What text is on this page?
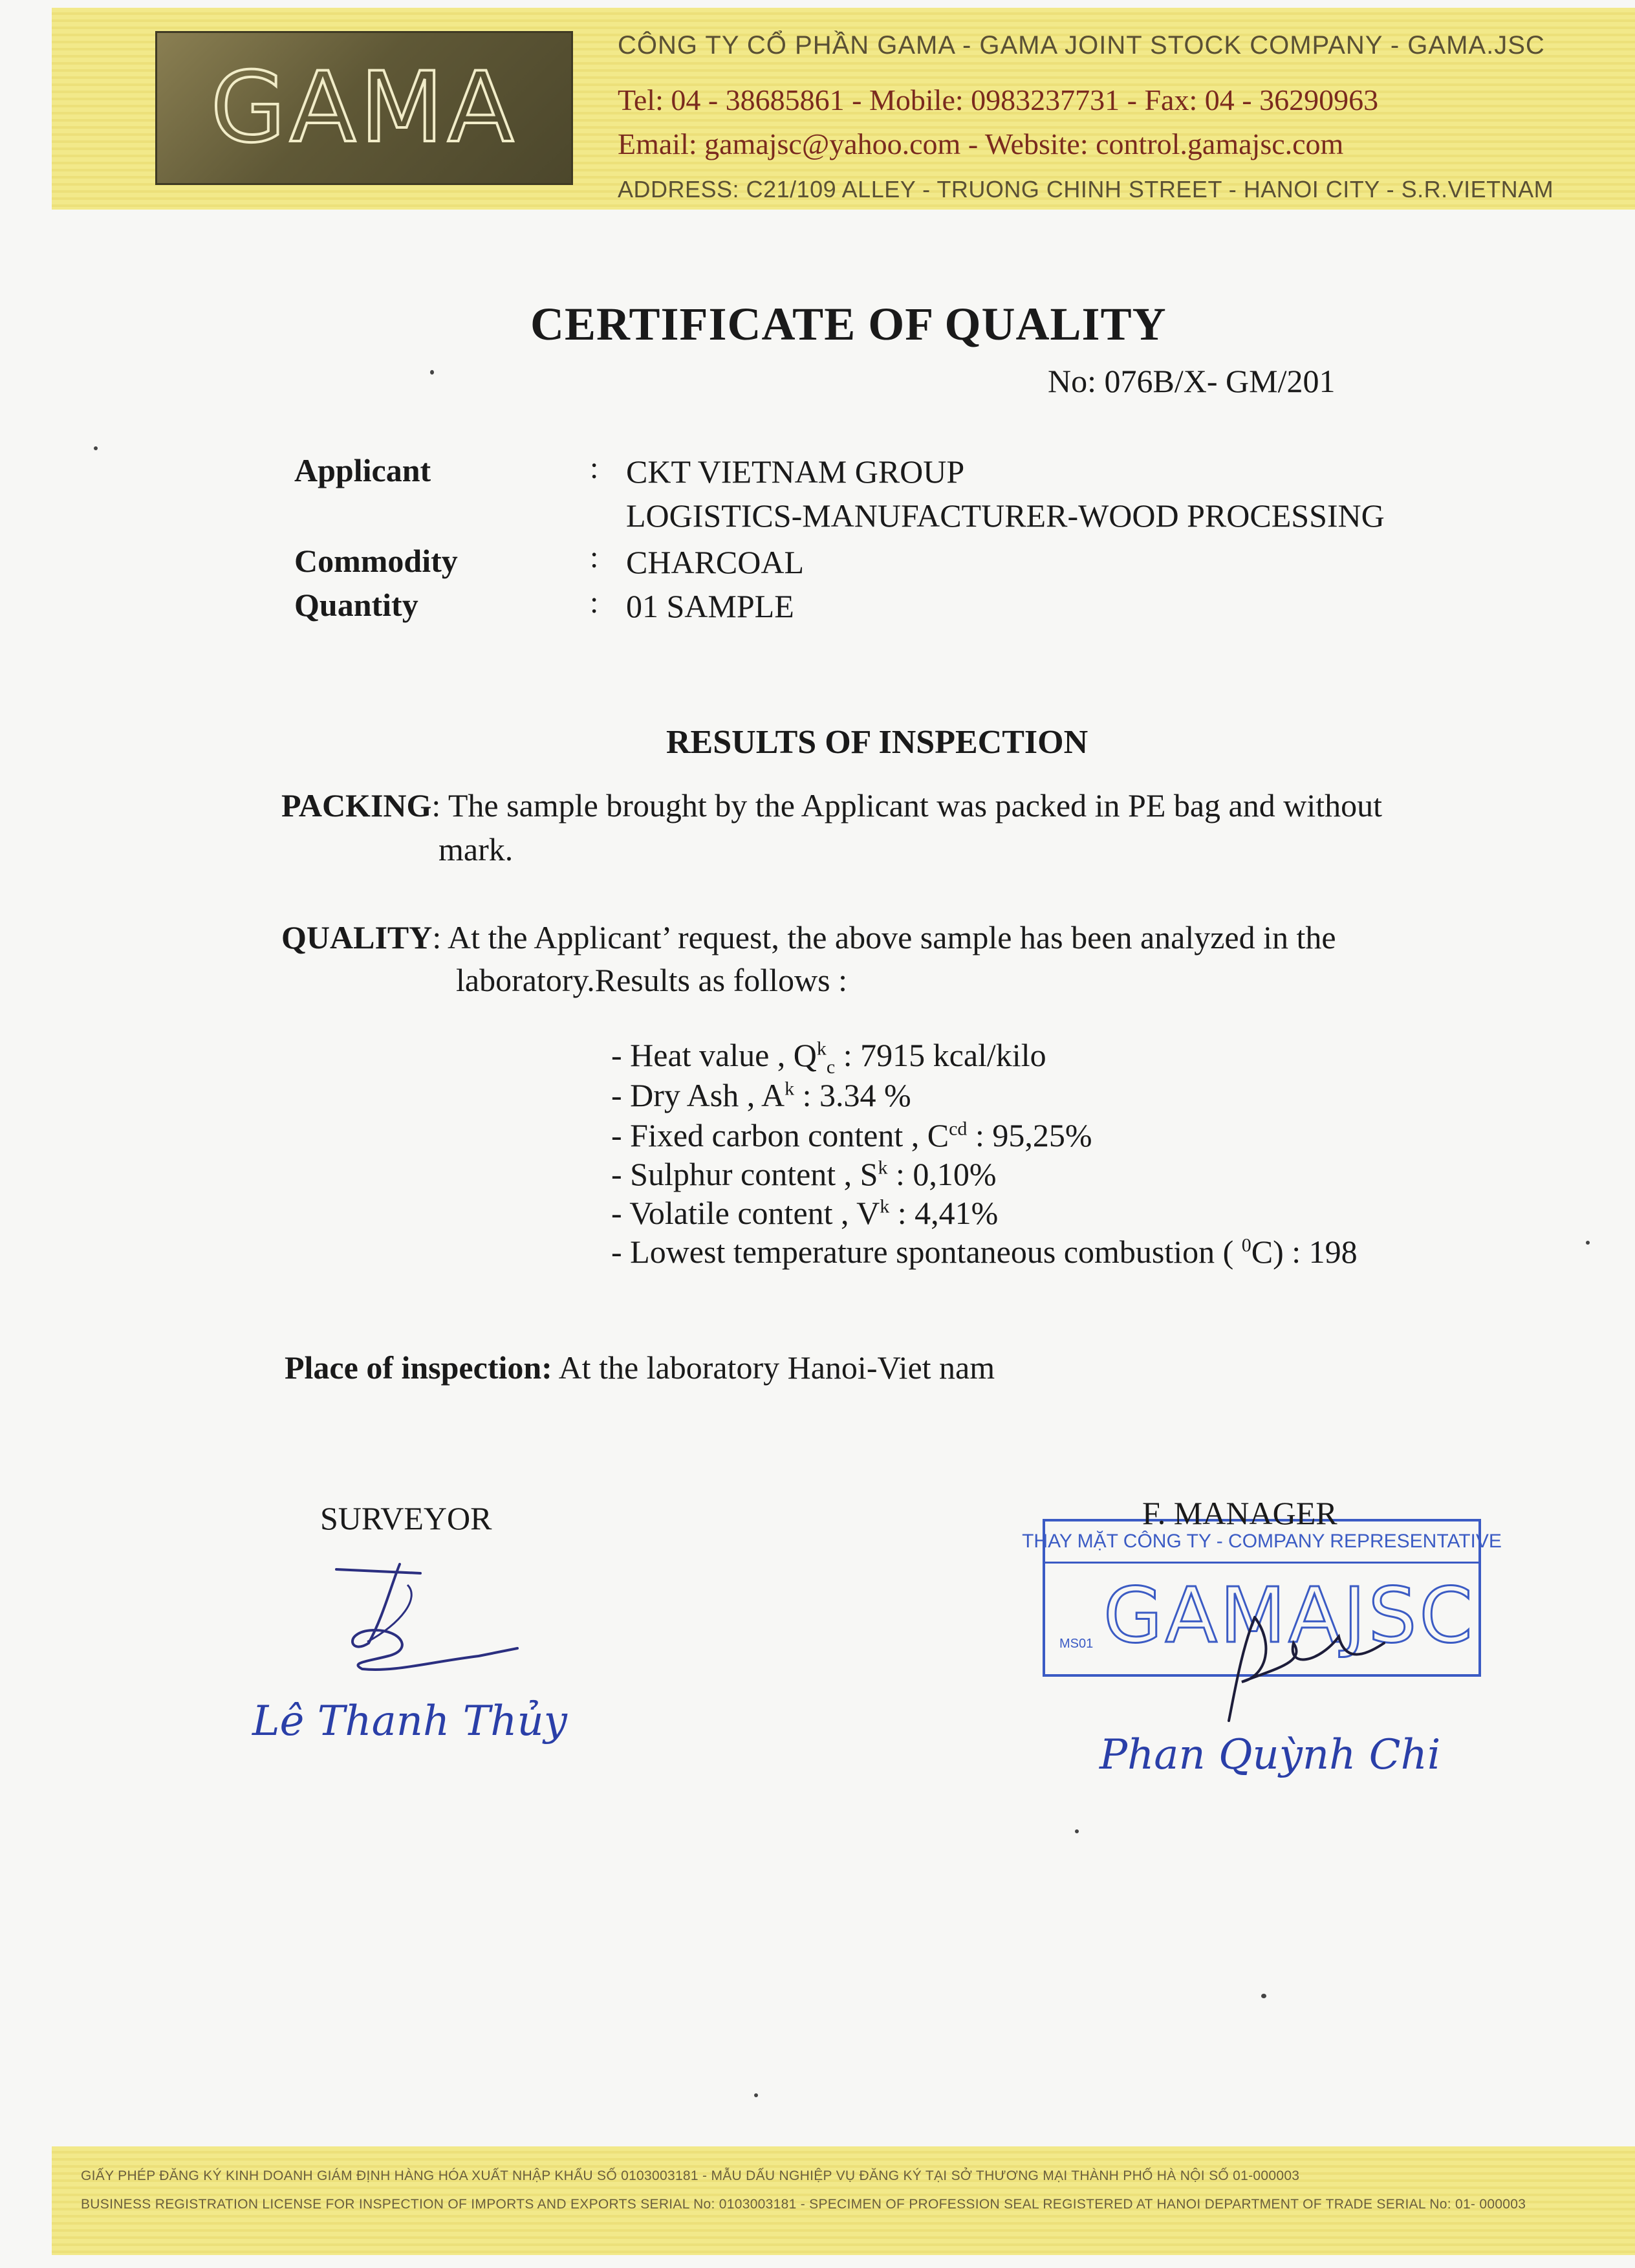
GAMA
CÔNG TY CỔ PHẦN GAMA - GAMA JOINT STOCK COMPANY - GAMA.JSC
Tel: 04 - 38685861 - Mobile: 0983237731 - Fax: 04 - 36290963
Email: gamajsc@yahoo.com - Website: control.gamajsc.com
ADDRESS: C21/109 ALLEY - TRUONG CHINH STREET - HANOI CITY - S.R.VIETNAM
CERTIFICATE OF QUALITY
No: 076B/X- GM/201
Applicant	: CKT VIETNAM GROUP
LOGISTICS-MANUFACTURER-WOOD PROCESSING
Commodity	: CHARCOAL
Quantity	: 01 SAMPLE
RESULTS OF INSPECTION
PACKING: The sample brought by the Applicant was packed in PE bag and without
mark.
QUALITY: At the Applicant’ request, the above sample has been analyzed in the
laboratory.Results as follows :
- Heat value , $Q^k_c$ : 7915 kcal/kilo
- Dry Ash , $A^k$ : 3.34 %
- Fixed carbon content , $C^{cd}$ : 95,25%
- Sulphur content , $S^k$ : 0,10%
- Volatile content , $V^k$ : 4,41%
- Lowest temperature spontaneous combustion ( $^0$C) : 198
Place of inspection: At the laboratory Hanoi-Viet nam
SURVEYOR
Lê Thanh Thủy
THAY MẶT CÔNG TY - COMPANY REPRESENTATIVE
GAMAJSC
MS01
F. MANAGER
Phan Quỳnh Chi
GIẤY PHÉP ĐĂNG KÝ KINH DOANH GIÁM ĐỊNH HÀNG HÓA XUẤT NHẬP KHẨU SỐ 0103003181 - MẪU DẤU NGHIỆP VỤ ĐĂNG KÝ TẠI SỞ THƯƠNG MẠI THÀNH PHỐ HÀ NỘI SỐ 01-000003
BUSINESS REGISTRATION LICENSE FOR INSPECTION OF IMPORTS AND EXPORTS SERIAL No: 0103003181 - SPECIMEN OF PROFESSION SEAL REGISTERED AT HANOI DEPARTMENT OF TRADE SERIAL No: 01- 000003
